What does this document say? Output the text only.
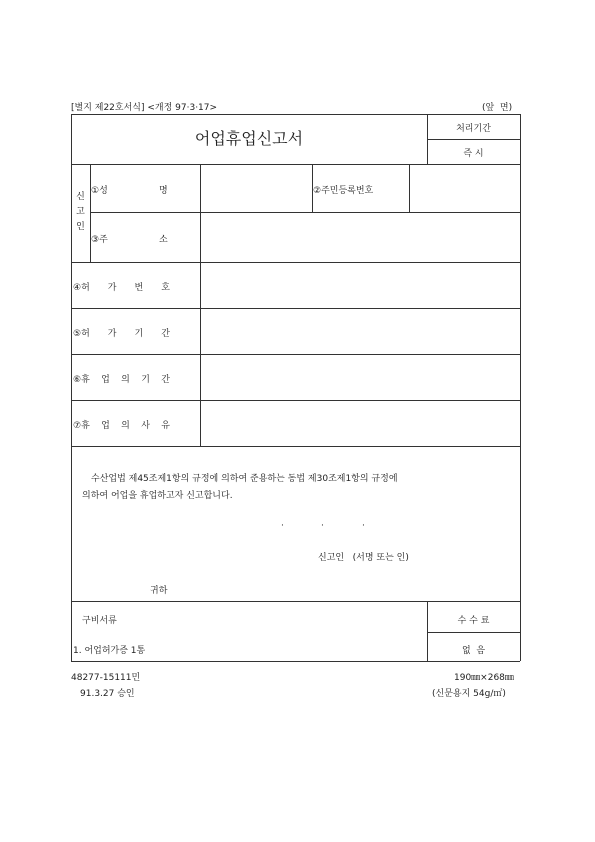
[별지 제22호서식] <개정 97·3·17>	(앞  면)
어업휴업신고서	처리기간
즉 시
신
고
인
①성	명	②주민등록번호
③주	소
④허 가 번 호
⑤허 가 기 간
⑥휴 업 의 기 간
⑦휴 업 의 사 유
수산업법 제45조제1항의 규정에 의하여 준용하는 동법 제30조제1항의 규정에
의하여 어업을 휴업하고자 신고합니다.
·	·	·
신고인   (서명 또는 인)
귀하
구비서류	수 수 료
1. 어업허가증 1통	없  음
48277-15111민	190㎜×268㎜
91.3.27 승인	(신문용지 54g/㎡)
